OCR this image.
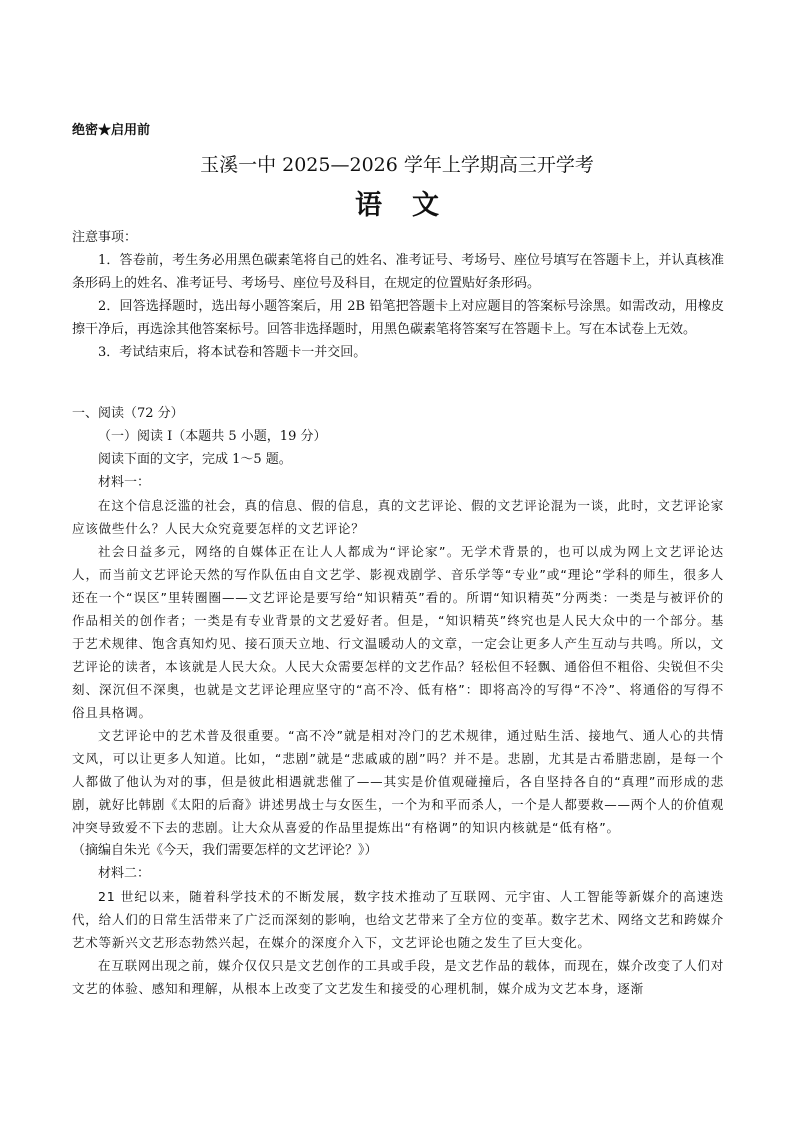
绝密★启用前
玉溪一中 2025—2026 学年上学期高三开学考
语文

注意事项：

1．答卷前，考生务必用黑色碳素笔将自己的姓名、准考证号、考场号、座位号填写在答题卡上，并认真核准条形码上的姓名、准考证号、考场号、座位号及科目，在规定的位置贴好条形码。

2．回答选择题时，选出每小题答案后，用 2B 铅笔把答题卡上对应题目的答案标号涂黑。如需改动，用橡皮擦干净后，再选涂其他答案标号。回答非选择题时，用黑色碳素笔将答案写在答题卡上。写在本试卷上无效。

3．考试结束后，将本试卷和答题卡一并交回。

一、阅读（72 分）

（一）阅读 I（本题共 5 小题，19 分）

阅读下面的文字，完成 1～5 题。

材料一：

在这个信息泛滥的社会，真的信息、假的信息，真的文艺评论、假的文艺评论混为一谈，此时，文艺评论家应该做些什么？人民大众究竟要怎样的文艺评论？

社会日益多元，网络的自媒体正在让人人都成为“评论家”。无学术背景的，也可以成为网上文艺评论达人，而当前文艺评论天然的写作队伍由自文艺学、影视戏剧学、音乐学等“专业”或“理论”学科的师生，很多人还在一个“误区”里转圈圈——文艺评论是要写给“知识精英”看的。所谓“知识精英”分两类：一类是与被评价的作品相关的创作者；一类是有专业背景的文艺爱好者。但是，“知识精英”终究也是人民大众中的一个部分。基于艺术规律、饱含真知灼见、接石顶天立地、行文温暖动人的文章，一定会让更多人产生互动与共鸣。所以，文艺评论的读者，本该就是人民大众。人民大众需要怎样的文艺作品？轻松但不轻飘、通俗但不粗俗、尖锐但不尖刻、深沉但不深奥，也就是文艺评论理应坚守的“高不冷、低有格”：即将高冷的写得“不冷”、将通俗的写得不俗且具格调。

文艺评论中的艺术普及很重要。“高不冷”就是相对冷门的艺术规律，通过贴生活、接地气、通人心的共情文风，可以让更多人知道。比如，“悲剧”就是“悲戚戚的剧”吗？并不是。悲剧，尤其是古希腊悲剧，是每一个人都做了他认为对的事，但是彼此相遇就悲催了——其实是价值观碰撞后，各自坚持各自的“真理”而形成的悲剧，就好比韩剧《太阳的后裔》讲述男战士与女医生，一个为和平而杀人，一个是人都要救——两个人的价值观冲突导致爱不下去的悲剧。让大众从喜爱的作品里提炼出“有格调”的知识内核就是“低有格”。

（摘编自朱光《今天，我们需要怎样的文艺评论？》）

材料二：

21 世纪以来，随着科学技术的不断发展，数字技术推动了互联网、元宇宙、人工智能等新媒介的高速迭代，给人们的日常生活带来了广泛而深刻的影响，也给文艺带来了全方位的变革。数字艺术、网络文艺和跨媒介艺术等新兴文艺形态勃然兴起，在媒介的深度介入下，文艺评论也随之发生了巨大变化。

在互联网出现之前，媒介仅仅只是文艺创作的工具或手段，是文艺作品的载体，而现在，媒介改变了人们对文艺的体验、感知和理解，从根本上改变了文艺发生和接受的心理机制，媒介成为文艺本身，逐渐
